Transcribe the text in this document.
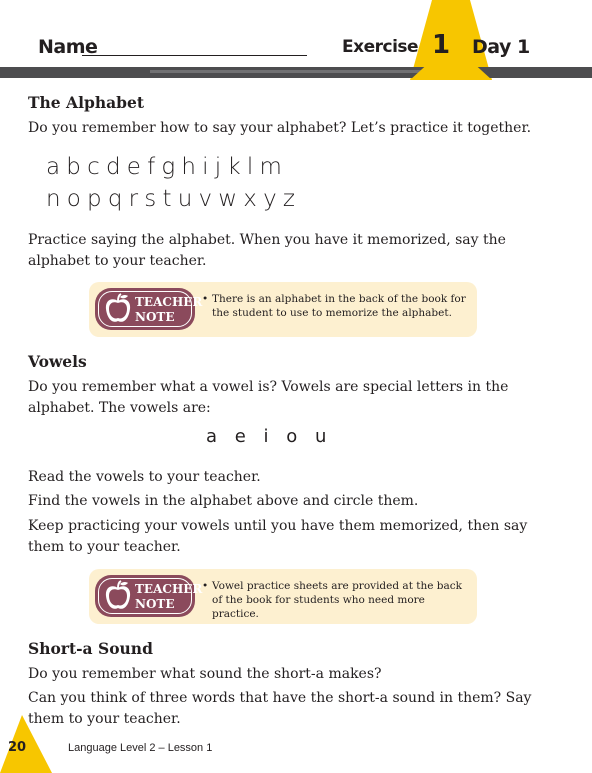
Name	Exercise 1 Day 1
The Alphabet

Do you remember how to say your alphabet? Let’s practice it together.

abcdefghijklm
nopqrstuvwxyz

Practice saying the alphabet. When you have it memorized, say the alphabet to your teacher.

TEACHER
NOTE
• There is an alphabet in the back of the book for the student to use to memorize the alphabet.
Vowels

Do you remember what a vowel is? Vowels are special letters in the alphabet. The vowels are:

a e i o u

Read the vowels to your teacher.

Find the vowels in the alphabet above and circle them.

Keep practicing your vowels until you have them memorized, then say them to your teacher.

TEACHER
NOTE
• Vowel practice sheets are provided at the back of the book for students who need more practice.
Short-a Sound

Do you remember what sound the short-a makes?

Can you think of three words that have the short-a sound in them? Say them to your teacher.

20	Language Level 2 – Lesson 1
